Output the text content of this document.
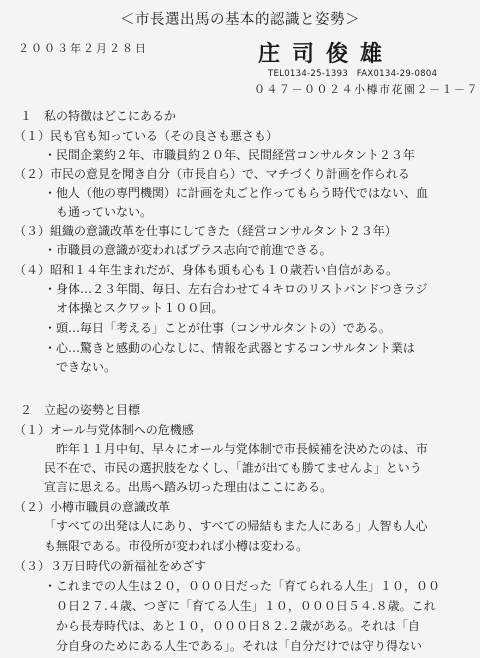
＜市長選出馬の基本的認識と姿勢＞
２００３年２月２８日	庄司俊雄
TEL0134-25-1393　FAX0134-29-0804
０４７－００２４小樽市花園２－１－７
１　私の特徴はどこにあるか
（１）民も官も知っている（その良さも悪さも）
・民間企業約２年、市職員約２０年、民間経営コンサルタント２３年
（２）市民の意見を聞き自分（市長自ら）で、マチづくり計画を作られる
・他人（他の専門機関）に計画を丸ごと作ってもらう時代ではない、血
も通っていない。
（３）組織の意識改革を仕事にしてきた（経営コンサルタント２３年）
・市職員の意識が変わればプラス志向で前進できる。
（４）昭和１４年生まれだが、身体も頭も心も１０歳若い自信がある。
・身体…２３年間、毎日、左右合わせて４キロのリストバンドつきラジ
オ体操とスクワット１００回。
・頭…毎日「考える」ことが仕事（コンサルタントの）である。
・心…驚きと感動の心なしに、情報を武器とするコンサルタント業は
できない。
２　立起の姿勢と目標
（１）オール与党体制への危機感
昨年１１月中旬、早々にオール与党体制で市長候補を決めたのは、市
民不在で、市民の選択肢をなくし、「誰が出ても勝てませんよ」という
宣言に思える。出馬へ踏み切った理由はここにある。
（２）小樽市職員の意識改革
「すべての出発は人にあり、すべての帰結もまた人にある」人智も人心
も無限である。市役所が変われば小樽は変わる。
（３）３万日時代の新福祉をめざす
・これまでの人生は２０，０００日だった「育てられる人生」１０，００
０日２７.４歳、つぎに「育てる人生」１０，０００日５４.８歳。これ
から長寿時代は、あと１０，０００日８２.２歳がある。それは「自
分自身のためにある人生である」。それは「自分だけでは守り得ない
